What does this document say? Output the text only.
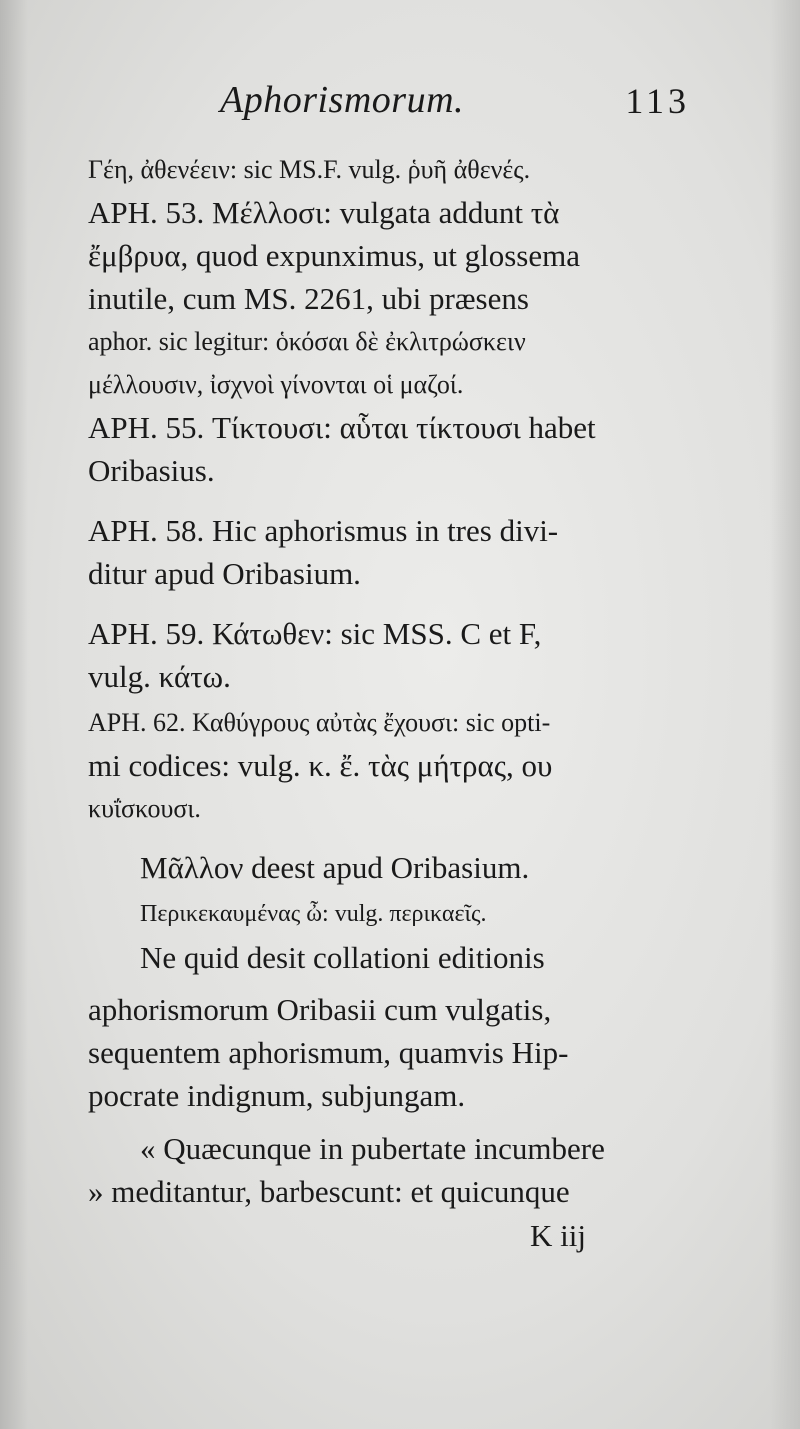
Aphorismorum.	113
Γέη, ἀθενέειν: sic MS.F. vulg. ῥυῆ ἀθενές.
APH. 53. Μέλλοσι: vulgata addunt τὰ
ἔμβρυα, quod expunximus, ut glossema
inutile, cum MS. 2261, ubi præsens
aphor. sic legitur: ὁκόσαι δὲ ἐκλιτρώσκειν
μέλλουσιν, ἰσχνοὶ γίνονται οἱ μαζοί.
APH. 55. Τίκτουσι: αὗται τίκτουσι habet
Oribasius.
APH. 58. Hic aphorismus in tres divi-
ditur apud Oribasium.
APH. 59. Κάτωθεν: sic MSS. C et F,
vulg. κάτω.
APH. 62. Καθύγρους αὐτὰς ἔχουσι: sic opti-
mi codices: vulg. κ. ἔ. τὰς μήτρας, ου
κυΐσκουσι.
Μᾶλλον deest apud Oribasium.
Περικεκαυμένας ὦ: vulg. περικαεῖς.
Ne quid desit collationi editionis
aphorismorum Oribasii cum vulgatis,
sequentem aphorismum, quamvis Hip-
pocrate indignum, subjungam.
« Quæcunque in pubertate incumbere
» meditantur, barbescunt: et quicunque
K iij
